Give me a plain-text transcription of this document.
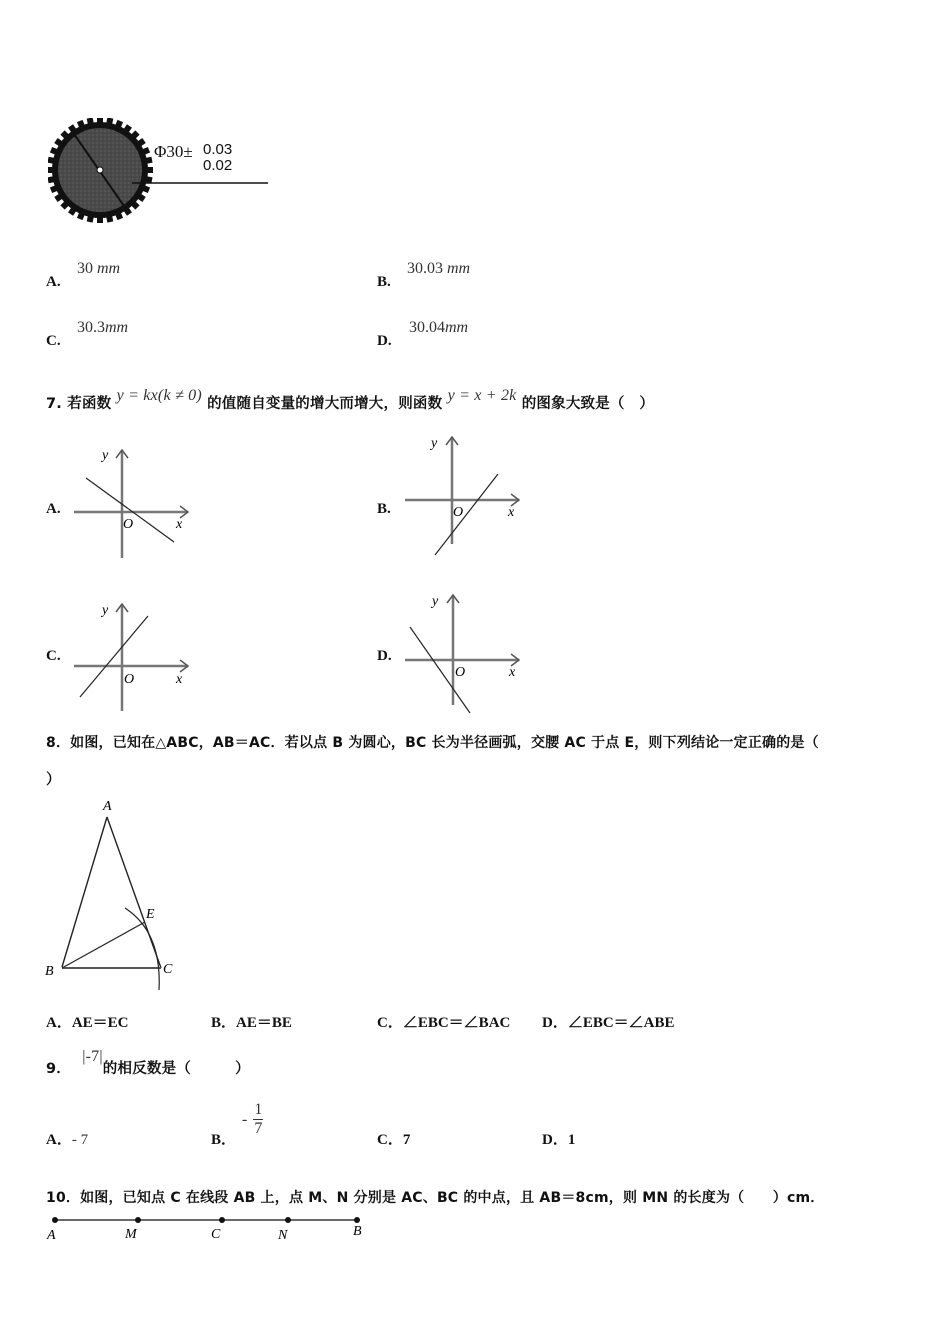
Φ30± 0.03
0.02
A.
30 mm
B.
30.03 mm
C.
30.3mm
D.
30.04mm
7. 若函数 y = kx(k ≠ 0) 的值随自变量的增大而增大，则函数 y = x + 2k 的图象大致是（　）
A.
y
O	x
B.
y
O	x
C.
y
O	x
D.
y
O	x
8．如图，已知在△ABC，AB＝AC．若以点 B 为圆心，BC 长为半径画弧，交腰 AC 于点 E，则下列结论一定正确的是（
）
A
B	C
E
A．AE＝EC	B．AE＝BE	C．∠EBC＝∠BAC D．∠EBC＝∠ABE
9． |-7|的相反数是（　　　）
A．- 7	B．
-
1
7
C．7	D．1
10．如图，已知点 C 在线段 AB 上，点 M、N 分别是 AC、BC 的中点，且 AB＝8cm，则 MN 的长度为（　　）cm．
A	M	C	N	B
